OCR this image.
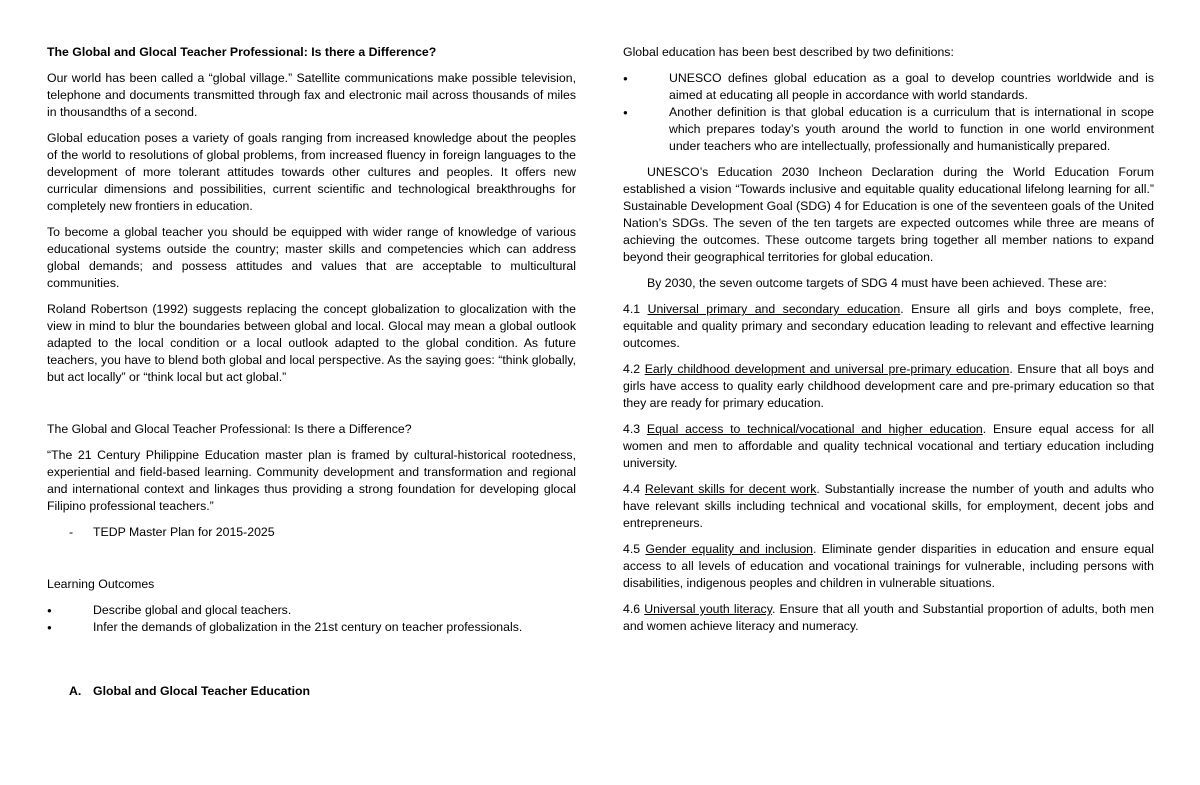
The Global and Glocal Teacher Professional: Is there a Difference?

Our world has been called a “global village.” Satellite communications make possible television, telephone and documents transmitted through fax and electronic mail across thousands of miles in thousandths of a second.

Global education poses a variety of goals ranging from increased knowledge about the peoples of the world to resolutions of global problems, from increased fluency in foreign languages to the development of more tolerant attitudes towards other cultures and peoples. It offers new curricular dimensions and possibilities, current scientific and technological breakthroughs for completely new frontiers in education.

To become a global teacher you should be equipped with wider range of knowledge of various educational systems outside the country; master skills and competencies which can address global demands; and possess attitudes and values that are acceptable to multicultural communities.

Roland Robertson (1992) suggests replacing the concept globalization to glocalization with the view in mind to blur the boundaries between global and local. Glocal may mean a global outlook adapted to the local condition or a local outlook adapted to the global condition. As future teachers, you have to blend both global and local perspective. As the saying goes: “think globally, but act locally” or “think local but act global.”

The Global and Glocal Teacher Professional: Is there a Difference?

“The 21 Century Philippine Education master plan is framed by cultural-historical rootedness, experiential and field-based learning. Community development and transformation and regional and international context and linkages thus providing a strong foundation for developing glocal Filipino professional teachers.”

- TEDP Master Plan for 2015-2025

Learning Outcomes

● Describe global and glocal teachers.
● Infer the demands of globalization in the 21st century on teacher professionals.
A. Global and Glocal Teacher Education

Global education has been best described by two definitions:

● UNESCO defines global education as a goal to develop countries worldwide and is aimed at educating all people in accordance with world standards.
● Another definition is that global education is a curriculum that is international in scope which prepares today’s youth around the world to function in one world environment under teachers who are intellectually, professionally and humanistically prepared.

UNESCO’s Education 2030 Incheon Declaration during the World Education Forum established a vision “Towards inclusive and equitable quality educational lifelong learning for all.” Sustainable Development Goal (SDG) 4 for Education is one of the seventeen goals of the United Nation’s SDGs. The seven of the ten targets are expected outcomes while three are means of achieving the outcomes. These outcome targets bring together all member nations to expand beyond their geographical territories for global education.

By 2030, the seven outcome targets of SDG 4 must have been achieved. These are:

4.1 Universal primary and secondary education. Ensure all girls and boys complete, free, equitable and quality primary and secondary education leading to relevant and effective learning outcomes.

4.2 Early childhood development and universal pre-primary education. Ensure that all boys and girls have access to quality early childhood development care and pre-primary education so that they are ready for primary education.

4.3 Equal access to technical/vocational and higher education. Ensure equal access for all women and men to affordable and quality technical vocational and tertiary education including university.

4.4 Relevant skills for decent work. Substantially increase the number of youth and adults who have relevant skills including technical and vocational skills, for employment, decent jobs and entrepreneurs.

4.5 Gender equality and inclusion. Eliminate gender disparities in education and ensure equal access to all levels of education and vocational trainings for vulnerable, including persons with disabilities, indigenous peoples and children in vulnerable situations.

4.6 Universal youth literacy. Ensure that all youth and Substantial proportion of adults, both men and women achieve literacy and numeracy.
